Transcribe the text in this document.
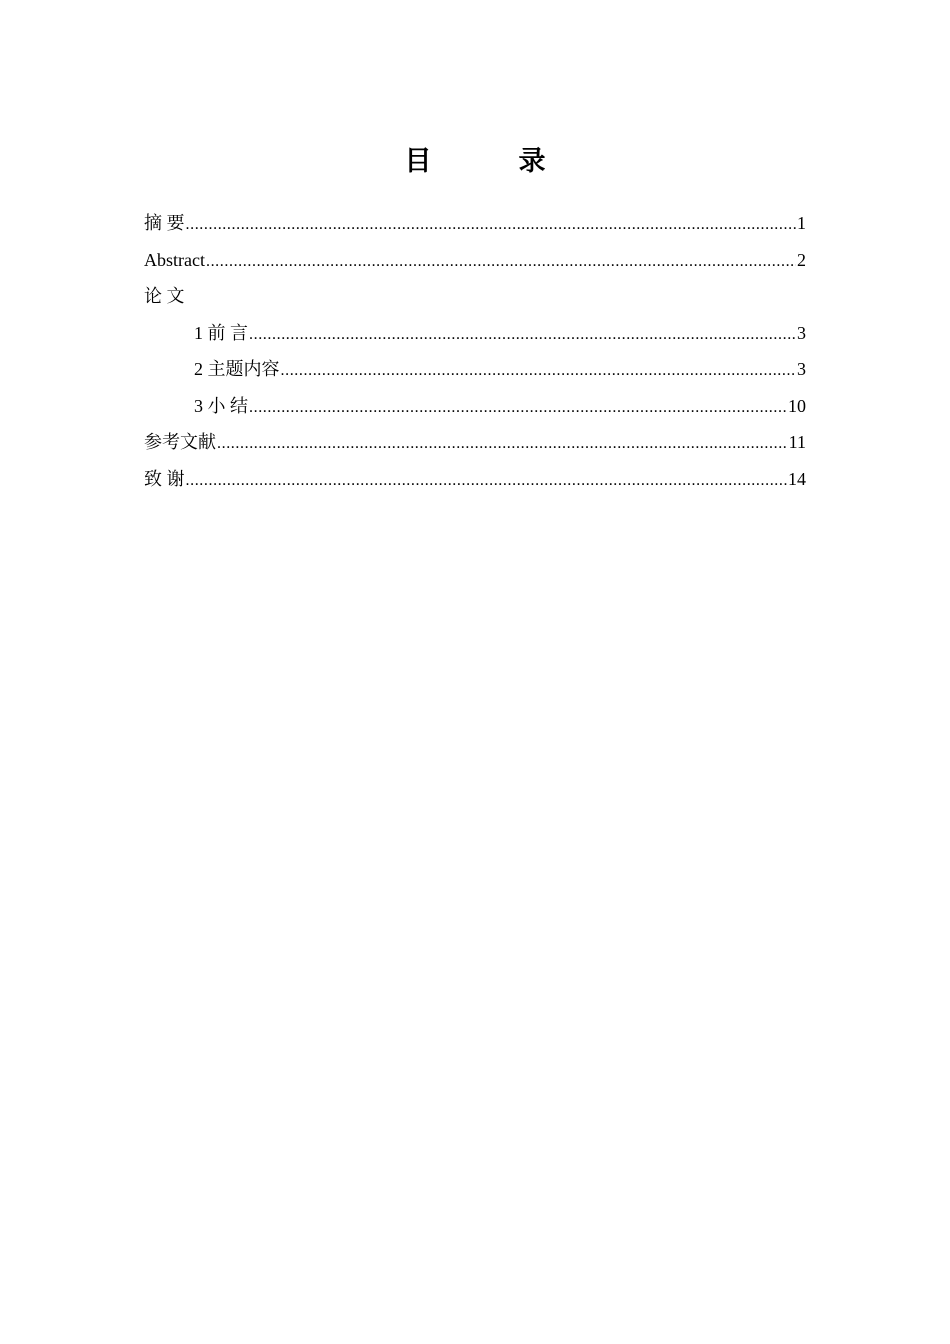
目　录
摘 要 .....	1
Abstract .....	2
论 文
1 前 言 .....	3
2 主题内容 .....	3
3 小 结 .....	10
参考文献 .....	11
致 谢 .....	14
